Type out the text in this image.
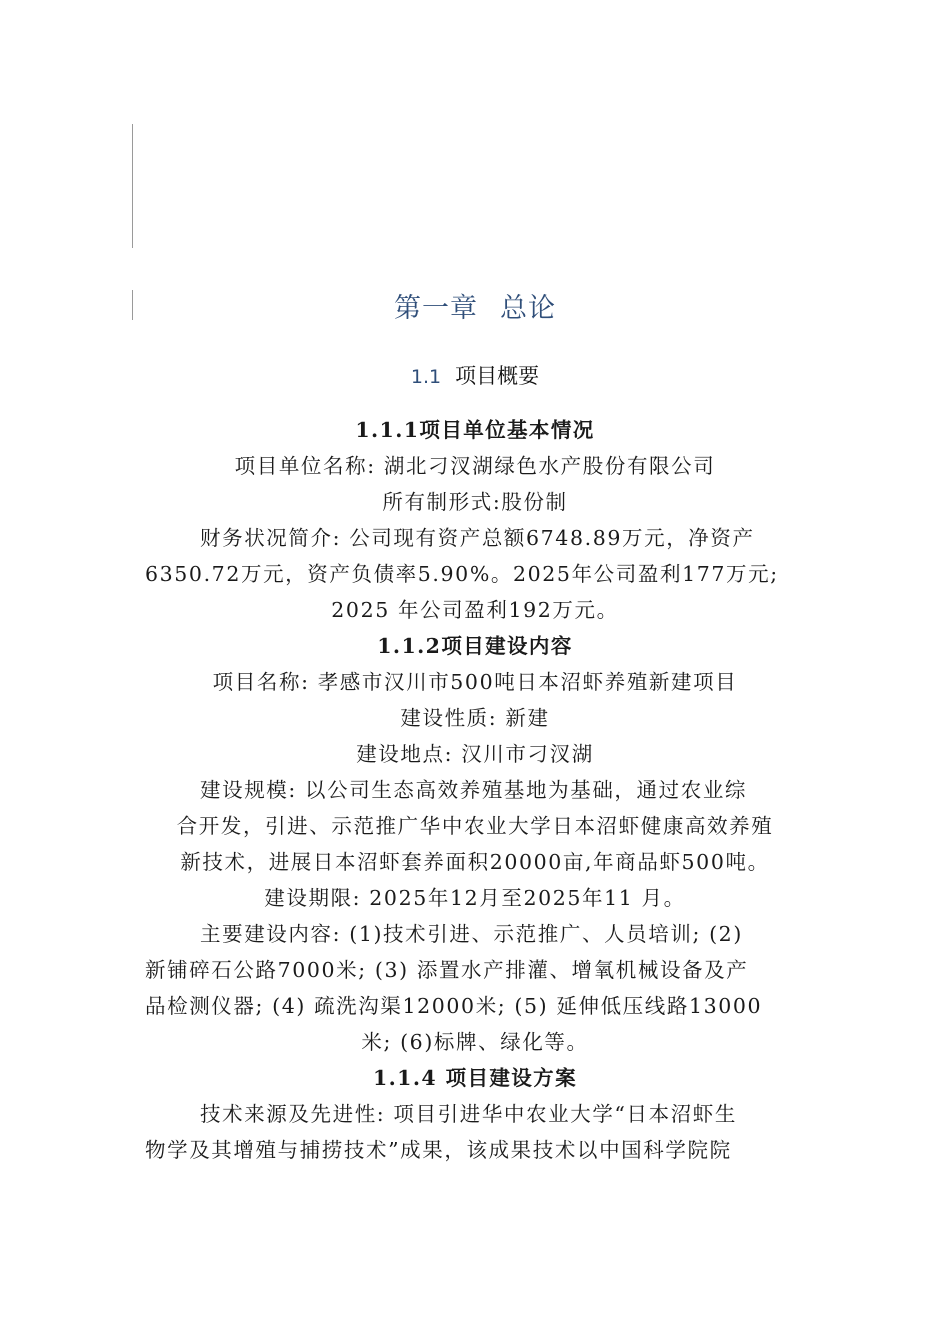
第一章 总论
1.1 项目概要
1.1.1项目单位基本情况
项目单位名称: 湖北刁汊湖绿色水产股份有限公司
所有制形式:股份制
财务状况简介: 公司现有资产总额6748.89万元，净资产
6350.72万元，资产负债率5.90%。2025年公司盈利177万元;
2025 年公司盈利192万元。
1.1.2项目建设内容
项目名称: 孝感市汉川市500吨日本沼虾养殖新建项目
建设性质: 新建
建设地点: 汉川市刁汊湖
建设规模: 以公司生态高效养殖基地为基础，通过农业综
合开发，引进、示范推广华中农业大学日本沼虾健康高效养殖
新技术，进展日本沼虾套养面积20000亩,年商品虾500吨。
建设期限: 2025年12月至2025年11 月。
主要建设内容: (1)技术引进、示范推广、人员培训; (2)
新铺碎石公路7000米; (3) 添置水产排灌、增氧机械设备及产
品检测仪器; (4) 疏洗沟渠12000米; (5) 延伸低压线路13000
米; (6)标牌、绿化等。
1.1.4 项目建设方案
技术来源及先进性: 项目引进华中农业大学“日本沼虾生
物学及其增殖与捕捞技术”成果，该成果技术以中国科学院院
